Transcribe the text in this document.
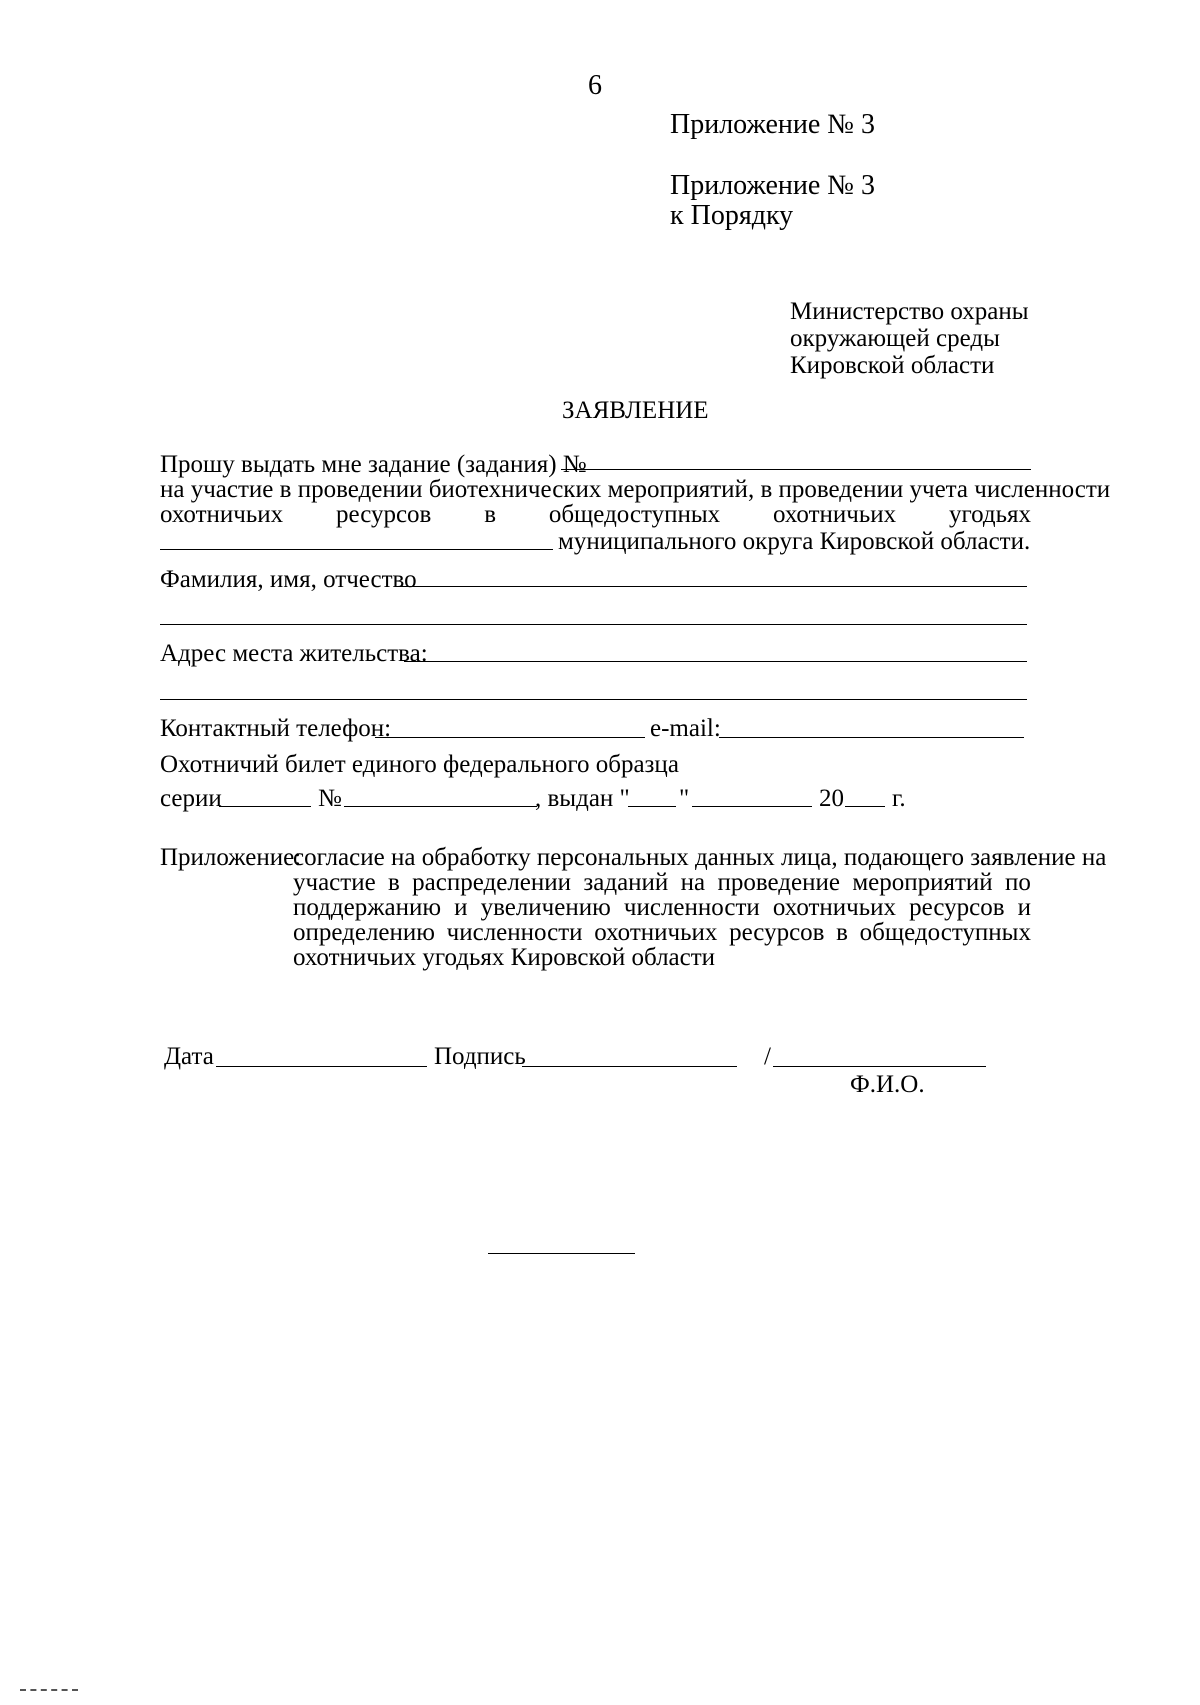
6
Приложение № 3
Приложение № 3
к Порядку
Министерство охраны
окружающей среды
Кировской области
ЗАЯВЛЕНИЕ
Прошу выдать мне задание (задания) №
на участие в проведении биотехнических мероприятий, в проведении учета численности
охотничьих ресурсов в общедоступных охотничьих угодьях
муниципального округа Кировской области.
Фамилия, имя, отчество
Адрес места жительства:
Контактный телефон:	e-mail:
Охотничий билет единого федерального образца
серии	№	, выдан " "	20 г.
Приложение:
согласие на обработку персональных данных лица, подающего заявление на
участие в распределении заданий на проведение мероприятий по
поддержанию и увеличению численности охотничьих ресурсов и
определению численности охотничьих ресурсов в общедоступных
охотничьих угодьях Кировской области
Дата	Подпись	/
Ф.И.О.
